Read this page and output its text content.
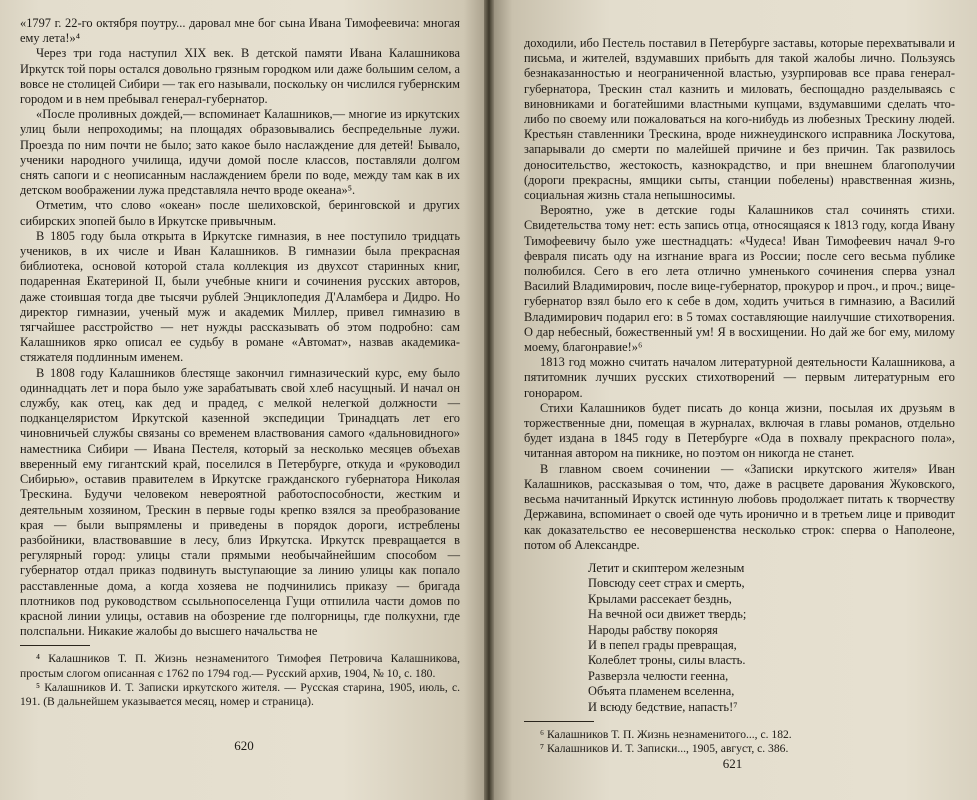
«1797 г. 22-го октября поутру... даровал мне бог сына Ивана Тимофеевича: многая ему лета!»⁴

Через три года наступил XIX век. В детской памяти Ивана Калашникова Иркутск той поры остался довольно грязным городком или даже большим селом, а вовсе не столицей Сибири — так его называли, поскольку он числился губернским городом и в нем пребывал генерал-губернатор.

«После проливных дождей,— вспоминает Калашников,— многие из иркутских улиц были непроходимы; на площадях образовывались беспредельные лужи. Проезда по ним почти не было; зато какое было наслаждение для детей! Бывало, ученики народного училища, идучи домой после классов, поставляли долгом снять сапоги и с неописанным наслаждением брели по воде, между там как в их детском воображении лужа представляла нечто вроде океана»⁵.

Отметим, что слово «океан» после шелиховской, беринговской и других сибирских эпопей было в Иркутске привычным.

В 1805 году была открыта в Иркутске гимназия, в нее поступило тридцать учеников, в их числе и Иван Калашников. В гимназии была прекрасная библиотека, основой которой стала коллекция из двухсот старинных книг, подаренная Екатериной II, были учебные книги и сочинения русских авторов, даже стоившая тогда две тысячи рублей Энциклопедия Д'Аламбера и Дидро. Но директор гимназии, ученый муж и академик Миллер, привел гимназию в тягчайшее расстройство — нет нужды рассказывать об этом подробно: сам Калашников ярко описал ее судьбу в романе «Автомат», назвав академика-стяжателя подлинным именем.

В 1808 году Калашников блестяще закончил гимназический курс, ему было одиннадцать лет и пора было уже зарабатывать свой хлеб насущный. И начал он службу, как отец, как дед и прадед, с мелкой нелегкой должности — подканцеляристом Иркутской казенной экспедиции Тринадцать лет его чиновничьей службы связаны со временем властвования самого «дальновидного» наместника Сибири — Ивана Пестеля, который за несколько месяцев объехав вверенный ему гигантский край, поселился в Петербурге, откуда и «руководил Сибирью», оставив правителем в Иркутске гражданского губернатора Николая Трескина. Будучи человеком невероятной работоспособности, жестким и деятельным хозяином, Трескин в первые годы крепко взялся за преобразование края — были выпрямлены и приведены в порядок дороги, истреблены разбойники, властвовавшие в лесу, близ Иркутска. Иркутск превращается в регулярный город: улицы стали прямыми необычайнейшим способом — губернатор отдал приказ подвинуть выступающие за линию улицы как попало расставленные дома, а когда хозяева не подчинились приказу — бригада плотников под руководством ссыльнопоселенца Гущи отпилила части домов по красной линии улицы, оставив на обозрение где полгорницы, где полкухни, где полспальни. Никакие жалобы до высшего начальства не

⁴ Калашников Т. П. Жизнь незнаменитого Тимофея Петровича Калашникова, простым слогом описанная с 1762 по 1794 год.— Русский архив, 1904, № 10, с. 180.

⁵ Калашников И. Т. Записки иркутского жителя. — Русская старина, 1905, июль, с. 191. (В дальнейшем указывается месяц, номер и страница).

620

доходили, ибо Пестель поставил в Петербурге заставы, которые перехватывали и письма, и жителей, вздумавших прибыть для такой жалобы лично. Пользуясь безнаказанностью и неограниченной властью, узурпировав все права генерал-губернатора, Трескин стал казнить и миловать, беспощадно разделываясь с виновниками и богатейшими властными купцами, вздумавшими сделать что-либо по своему или пожаловаться на кого-нибудь из любезных Трескину людей. Крестьян ставленники Трескина, вроде нижнеудинского исправника Лоскутова, запарывали до смерти по малейшей причине и без причин. Так развилось доносительство, жестокость, казнокрадство, и при внешнем благополучии (дороги прекрасны, ямщики сыты, станции побелены) нравственная жизнь, социальная жизнь стала непышносимы.

Вероятно, уже в детские годы Калашников стал сочинять стихи. Свидетельства тому нет: есть запись отца, относящаяся к 1813 году, когда Ивану Тимофеевичу было уже шестнадцать: «Чудеса! Иван Тимофеевич начал 9-го февраля писать оду на изгнание врага из России; после сего весьма публике полюбился. Сего в его лета отлично умненького сочинения сперва узнал Василий Владимирович, после вице-губернатор, прокурор и проч., и проч.; вице-губернатор взял было его к себе в дом, ходить учиться в гимназию, а Василий Владимирович подарил его: в 5 томах составляющие наилучшие стихотворения. О дар небесный, божественный ум! Я в восхищении. Но дай же бог ему, милому моему, благонравие!»⁶

1813 год можно считать началом литературной деятельности Калашникова, а пятитомник лучших русских стихотворений — первым литературным его гонораром.

Стихи Калашников будет писать до конца жизни, посылая их друзьям в торжественные дни, помещая в журналах, включая в главы романов, отдельно будет издана в 1845 году в Петербурге «Ода в похвалу прекрасного пола», читанная автором на пикнике, но поэтом он никогда не станет.

В главном своем сочинении — «Записки иркутского жителя» Иван Калашников, рассказывая о том, что, даже в расцвете дарования Жуковского, весьма начитанный Иркутск истинную любовь продолжает питать к творчеству Державина, вспоминает о своей оде чуть иронично и в третьем лице и приводит как доказательство ее несовершенства несколько строк: сперва о Наполеоне, потом об Александре.

Летит и скиптером железным
Повсюду сеет страх и смерть,
Крылами рассекает безднь,
На вечной оси движет твердь;
Народы рабству покоряя
И в пепел грады превращая,
Колеблет троны, силы власть.
Разверзла челюсти геенна,
Объята пламенем вселенна,
И всюду бедствие, напасть!⁷

⁶ Калашников Т. П. Жизнь незнаменитого..., с. 182.

⁷ Калашников И. Т. Записки..., 1905, август, с. 386.

621
